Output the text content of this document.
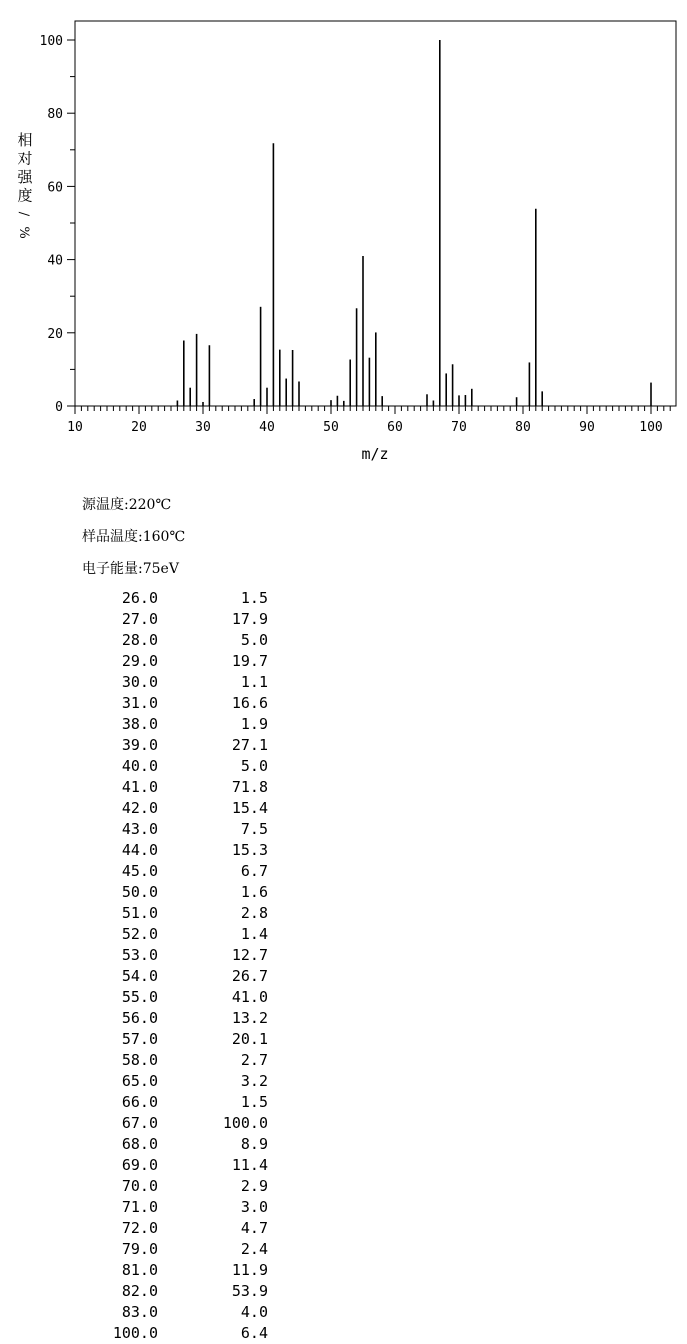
10	20	30	40	50	60	70	80	90	100
0
20
40
60
80
100
m/z
相
对
强
度
/
%
源温度:220℃
样品温度:160℃
电子能量:75eV
26.0	1.5
27.0	17.9
28.0	5.0
29.0	19.7
30.0	1.1
31.0	16.6
38.0	1.9
39.0	27.1
40.0	5.0
41.0	71.8
42.0	15.4
43.0	7.5
44.0	15.3
45.0	6.7
50.0	1.6
51.0	2.8
52.0	1.4
53.0	12.7
54.0	26.7
55.0	41.0
56.0	13.2
57.0	20.1
58.0	2.7
65.0	3.2
66.0	1.5
67.0	100.0
68.0	8.9
69.0	11.4
70.0	2.9
71.0	3.0
72.0	4.7
79.0	2.4
81.0	11.9
82.0	53.9
83.0	4.0
100.0	6.4
